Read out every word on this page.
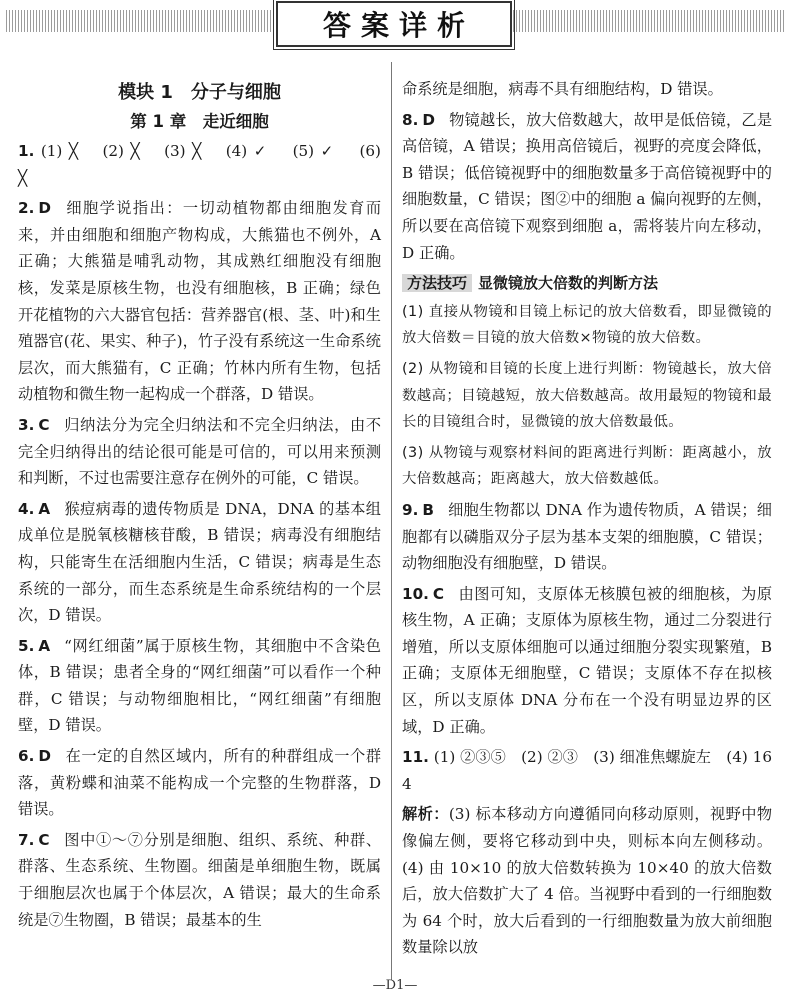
答案详析
模块 1　分子与细胞
第 1 章　走近细胞
1. (1) ╳ (2) ╳ (3) ╳ (4) ✓ (5) ✓ (6) ╳
2. D 细胞学说指出：一切动植物都由细胞发育而来，并由细胞和细胞产物构成，大熊猫也不例外，A 正确；大熊猫是哺乳动物，其成熟红细胞没有细胞核，发菜是原核生物，也没有细胞核，B 正确；绿色开花植物的六大器官包括：营养器官(根、茎、叶)和生殖器官(花、果实、种子)，竹子没有系统这一生命系统层次，而大熊猫有，C 正确；竹林内所有生物，包括动植物和微生物一起构成一个群落，D 错误。
3. C 归纳法分为完全归纳法和不完全归纳法，由不完全归纳得出的结论很可能是可信的，可以用来预测和判断，不过也需要注意存在例外的可能，C 错误。
4. A 猴痘病毒的遗传物质是 DNA，DNA 的基本组成单位是脱氧核糖核苷酸，B 错误；病毒没有细胞结构，只能寄生在活细胞内生活，C 错误；病毒是生态系统的一部分，而生态系统是生命系统结构的一个层次，D 错误。
5. A “网红细菌”属于原核生物，其细胞中不含染色体，B 错误；患者全身的“网红细菌”可以看作一个种群，C 错误；与动物细胞相比，“网红细菌”有细胞壁，D 错误。
6. D 在一定的自然区域内，所有的种群组成一个群落，黄粉蝶和油菜不能构成一个完整的生物群落，D 错误。
7. C 图中①～⑦分别是细胞、组织、系统、种群、群落、生态系统、生物圈。细菌是单细胞生物，既属于细胞层次也属于个体层次，A 错误；最大的生命系统是⑦生物圈，B 错误；最基本的生
命系统是细胞，病毒不具有细胞结构，D 错误。
8. D 物镜越长，放大倍数越大，故甲是低倍镜，乙是高倍镜，A 错误；换用高倍镜后，视野的亮度会降低，B 错误；低倍镜视野中的细胞数量多于高倍镜视野中的细胞数量，C 错误；图②中的细胞 a 偏向视野的左侧，所以要在高倍镜下观察到细胞 a，需将装片向左移动，D 正确。
方法技巧 显微镜放大倍数的判断方法
(1) 直接从物镜和目镜上标记的放大倍数看，即显微镜的放大倍数＝目镜的放大倍数×物镜的放大倍数。
(2) 从物镜和目镜的长度上进行判断：物镜越长，放大倍数越高；目镜越短，放大倍数越高。故用最短的物镜和最长的目镜组合时，显微镜的放大倍数最低。
(3) 从物镜与观察材料间的距离进行判断：距离越小，放大倍数越高；距离越大，放大倍数越低。
9. B 细胞生物都以 DNA 作为遗传物质，A 错误；细胞都有以磷脂双分子层为基本支架的细胞膜，C 错误；动物细胞没有细胞壁，D 错误。
10. C 由图可知，支原体无核膜包被的细胞核，为原核生物，A 正确；支原体为原核生物，通过二分裂进行增殖，所以支原体细胞可以通过细胞分裂实现繁殖，B 正确；支原体无细胞壁，C 错误；支原体不存在拟核区，所以支原体 DNA 分布在一个没有明显边界的区域，D 正确。
11. (1) ②③⑤　(2) ②③　(3) 细准焦螺旋左　(4) 16　4
解析：(3) 标本移动方向遵循同向移动原则，视野中物像偏左侧，要将它移动到中央，则标本向左侧移动。(4) 由 10×10 的放大倍数转换为 10×40 的放大倍数后，放大倍数扩大了 4 倍。当视野中看到的一行细胞数为 64 个时，放大后看到的一行细胞数量为放大前细胞数量除以放
—D1—
